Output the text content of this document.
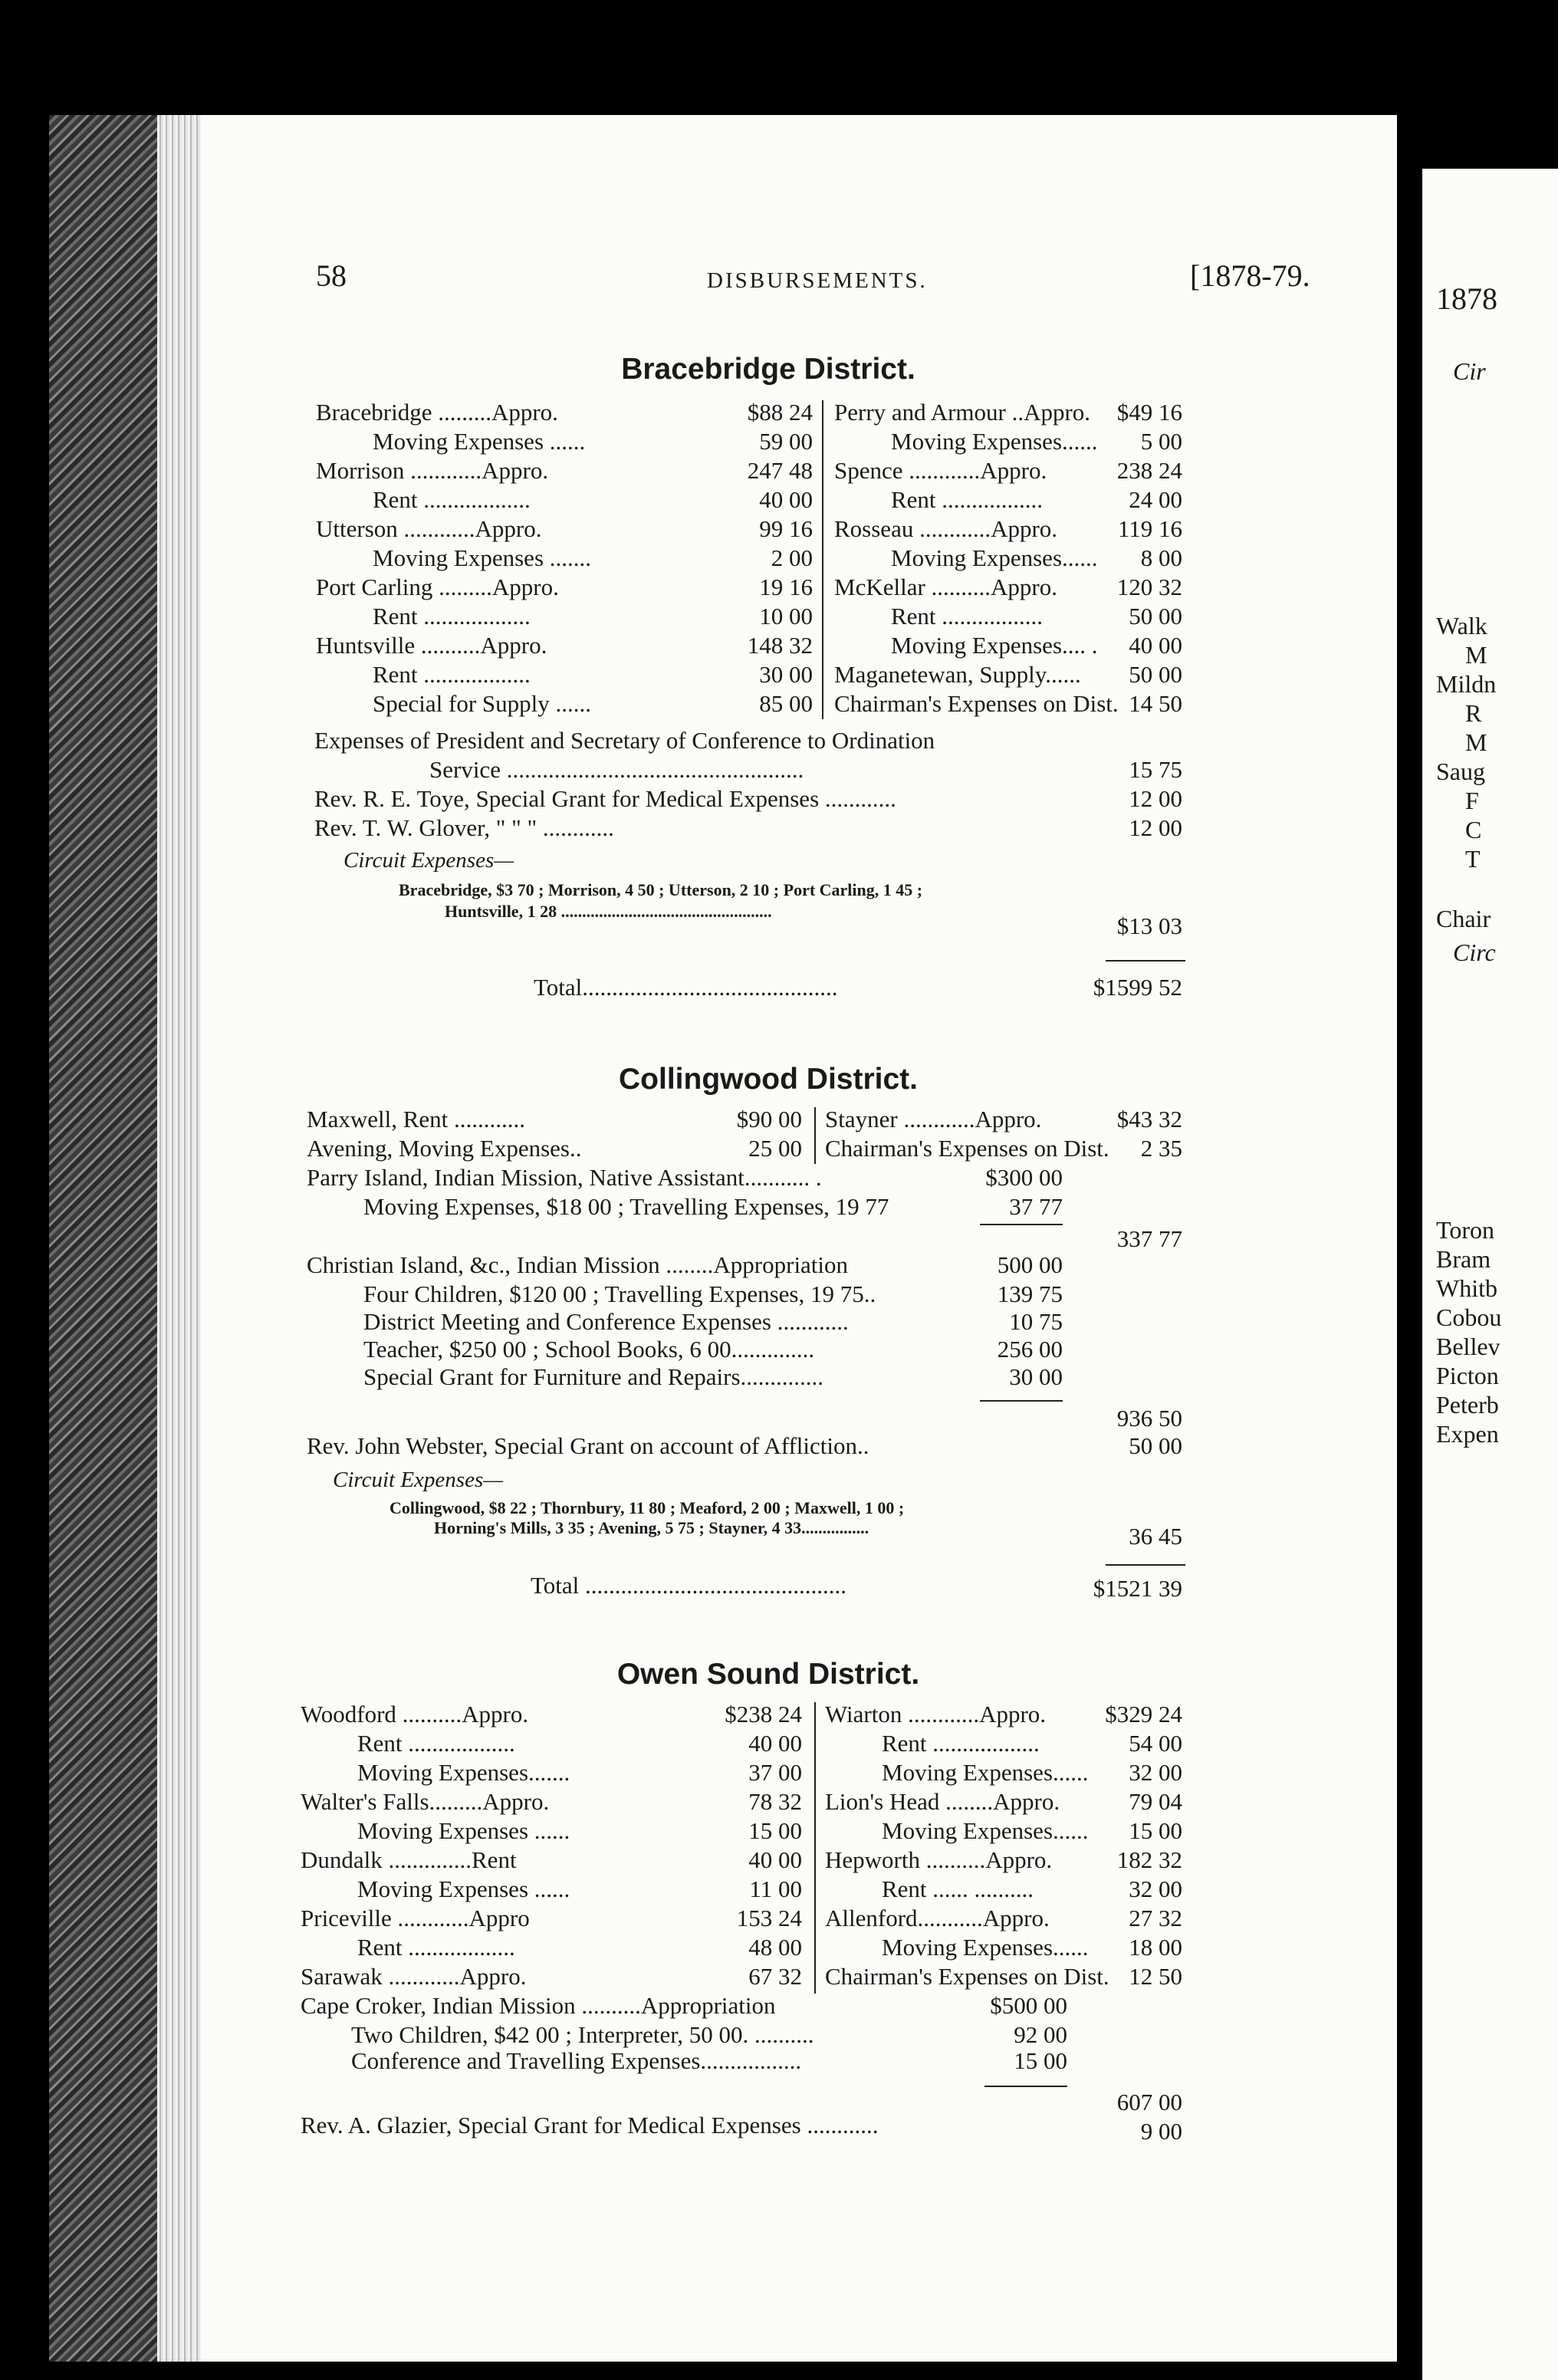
58	DISBURSEMENTS.	[1878-79.
Bracebridge District.
Bracebridge .........Appro.	$88 24
Moving Expenses ......	59 00
Morrison ............Appro.	247 48
Rent ..................	40 00
Utterson ............Appro.	99 16
Moving Expenses .......	2 00
Port Carling .........Appro.	19 16
Rent ..................	10 00
Huntsville ..........Appro.	148 32
Rent ..................	30 00
Special for Supply ......	85 00
Perry and Armour ..Appro.	$49 16
Moving Expenses......	5 00
Spence ............Appro.	238 24
Rent .................	24 00
Rosseau ............Appro.	119 16
Moving Expenses......	8 00
McKellar ..........Appro.	120 32
Rent .................	50 00
Moving Expenses.... .	40 00
Maganetewan, Supply......	50 00
Chairman's Expenses on Dist. 14 50
Expenses of President and Secretary of Conference to Ordination
Service ..................................................	15 75
Rev. R. E. Toye, Special Grant for Medical Expenses ............	12 00
Rev. T. W. Glover, " " " ............	12 00
Circuit Expenses—
Bracebridge, $3 70 ; Morrison, 4 50 ; Utterson, 2 10 ; Port Carling, 1 45 ;
Huntsville, 1 28 ..................................................
$13 03
Total...........................................	$1599 52
Collingwood District.
Maxwell, Rent ............	$90 00
Avening, Moving Expenses..	25 00
Stayner ............Appro.	$43 32
Chairman's Expenses on Dist.	2 35
Parry Island, Indian Mission, Native Assistant........... .	$300 00
Moving Expenses, $18 00 ; Travelling Expenses, 19 77	37 77
337 77
Christian Island, &c., Indian Mission ........Appropriation	500 00
Four Children, $120 00 ; Travelling Expenses, 19 75..	139 75
District Meeting and Conference Expenses ............	10 75
Teacher, $250 00 ; School Books, 6 00..............	256 00
Special Grant for Furniture and Repairs..............	30 00
936 50
Rev. John Webster, Special Grant on account of Affliction..	50 00
Circuit Expenses—
Collingwood, $8 22 ; Thornbury, 11 80 ; Meaford, 2 00 ; Maxwell, 1 00 ;
Horning's Mills, 3 35 ; Avening, 5 75 ; Stayner, 4 33................	36 45
Total ............................................	$1521 39
Owen Sound District.
Woodford ..........Appro.	$238 24
Rent ..................	40 00
Moving Expenses.......	37 00
Walter's Falls.........Appro.	78 32
Moving Expenses ......	15 00
Dundalk ..............Rent	40 00
Moving Expenses ......	11 00
Priceville ............Appro	153 24
Rent ..................	48 00
Sarawak ............Appro.	67 32
Wiarton ............Appro.	$329 24
Rent ..................	54 00
Moving Expenses......	32 00
Lion's Head ........Appro.	79 04
Moving Expenses......	15 00
Hepworth ..........Appro.	182 32
Rent ...... ..........	32 00
Allenford...........Appro.	27 32
Moving Expenses......	18 00
Chairman's Expenses on Dist. 12 50
Cape Croker, Indian Mission ..........Appropriation	$500 00
Two Children, $42 00 ; Interpreter, 50 00. ..........	92 00
Conference and Travelling Expenses.................	15 00
607 00
Rev. A. Glazier, Special Grant for Medical Expenses ............	9 00
1878
Cir
Walk
M
Mildn
R
M
Saug
F
C
T
Chair
Circ
Toron
Bram
Whitb
Cobou
Bellev
Picton
Peterb
Expen
